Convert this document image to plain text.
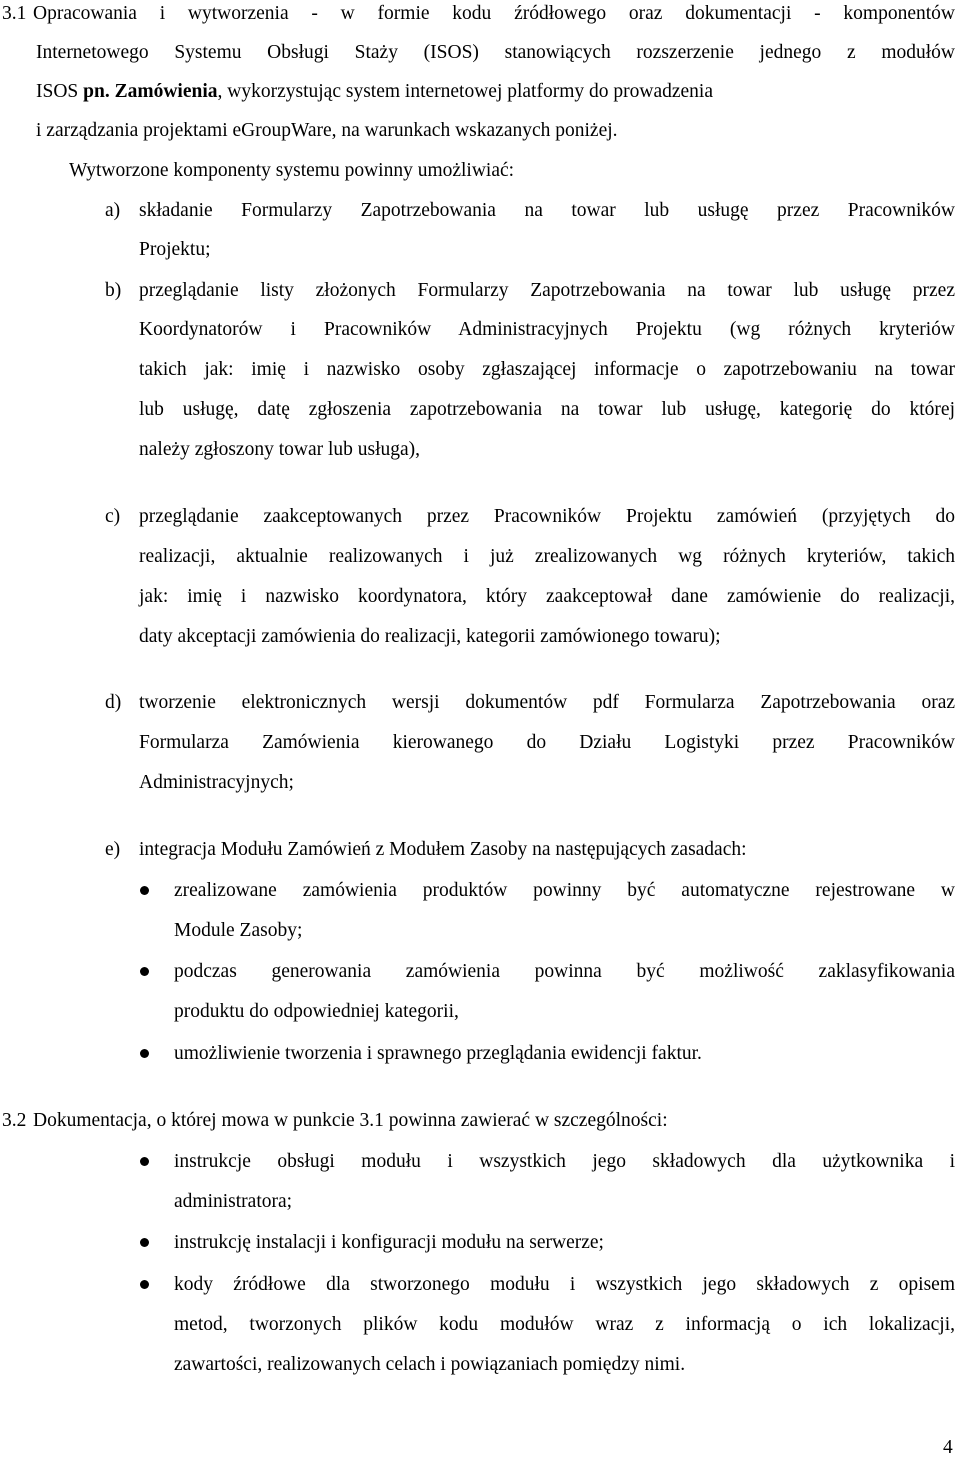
3.1 Opracowania i wytworzenia - w formie kodu źródłowego oraz dokumentacji - komponentów
Internetowego Systemu Obsługi Staży (ISOS) stanowiących rozszerzenie jednego z modułów
ISOS pn. Zamówienia, wykorzystując system internetowej platformy do prowadzenia
i zarządzania projektami eGroupWare, na warunkach wskazanych poniżej.
Wytworzone komponenty systemu powinny umożliwiać:
a) składanie Formularzy Zapotrzebowania na towar lub usługę przez Pracowników
Projektu;
b) przeglądanie listy złożonych Formularzy Zapotrzebowania na towar lub usługę przez
Koordynatorów i Pracowników Administracyjnych Projektu (wg różnych kryteriów
takich jak: imię i nazwisko osoby zgłaszającej informacje o zapotrzebowaniu na towar
lub usługę, datę zgłoszenia zapotrzebowania na towar lub usługę, kategorię do której
należy zgłoszony towar lub usługa),
c) przeglądanie zaakceptowanych przez Pracowników Projektu zamówień (przyjętych do
realizacji, aktualnie realizowanych i już zrealizowanych wg różnych kryteriów, takich
jak: imię i nazwisko koordynatora, który zaakceptował dane zamówienie do realizacji,
daty akceptacji zamówienia do realizacji, kategorii zamówionego towaru);
d) tworzenie elektronicznych wersji dokumentów pdf Formularza Zapotrzebowania oraz
Formularza Zamówienia kierowanego do Działu Logistyki przez Pracowników
Administracyjnych;
e) integracja Modułu Zamówień z Modułem Zasoby na następujących zasadach:
zrealizowane zamówienia produktów powinny być automatyczne rejestrowane w
Module Zasoby;
podczas generowania zamówienia powinna być możliwość zaklasyfikowania
produktu do odpowiedniej kategorii,
umożliwienie tworzenia i sprawnego przeglądania ewidencji faktur.
3.2 Dokumentacja, o której mowa w punkcie 3.1 powinna zawierać w szczególności:
instrukcje obsługi modułu i wszystkich jego składowych dla użytkownika i
administratora;
instrukcję instalacji i konfiguracji modułu na serwerze;
kody źródłowe dla stworzonego modułu i wszystkich jego składowych z opisem
metod, tworzonych plików kodu modułów wraz z informacją o ich lokalizacji,
zawartości, realizowanych celach i powiązaniach pomiędzy nimi.
4
